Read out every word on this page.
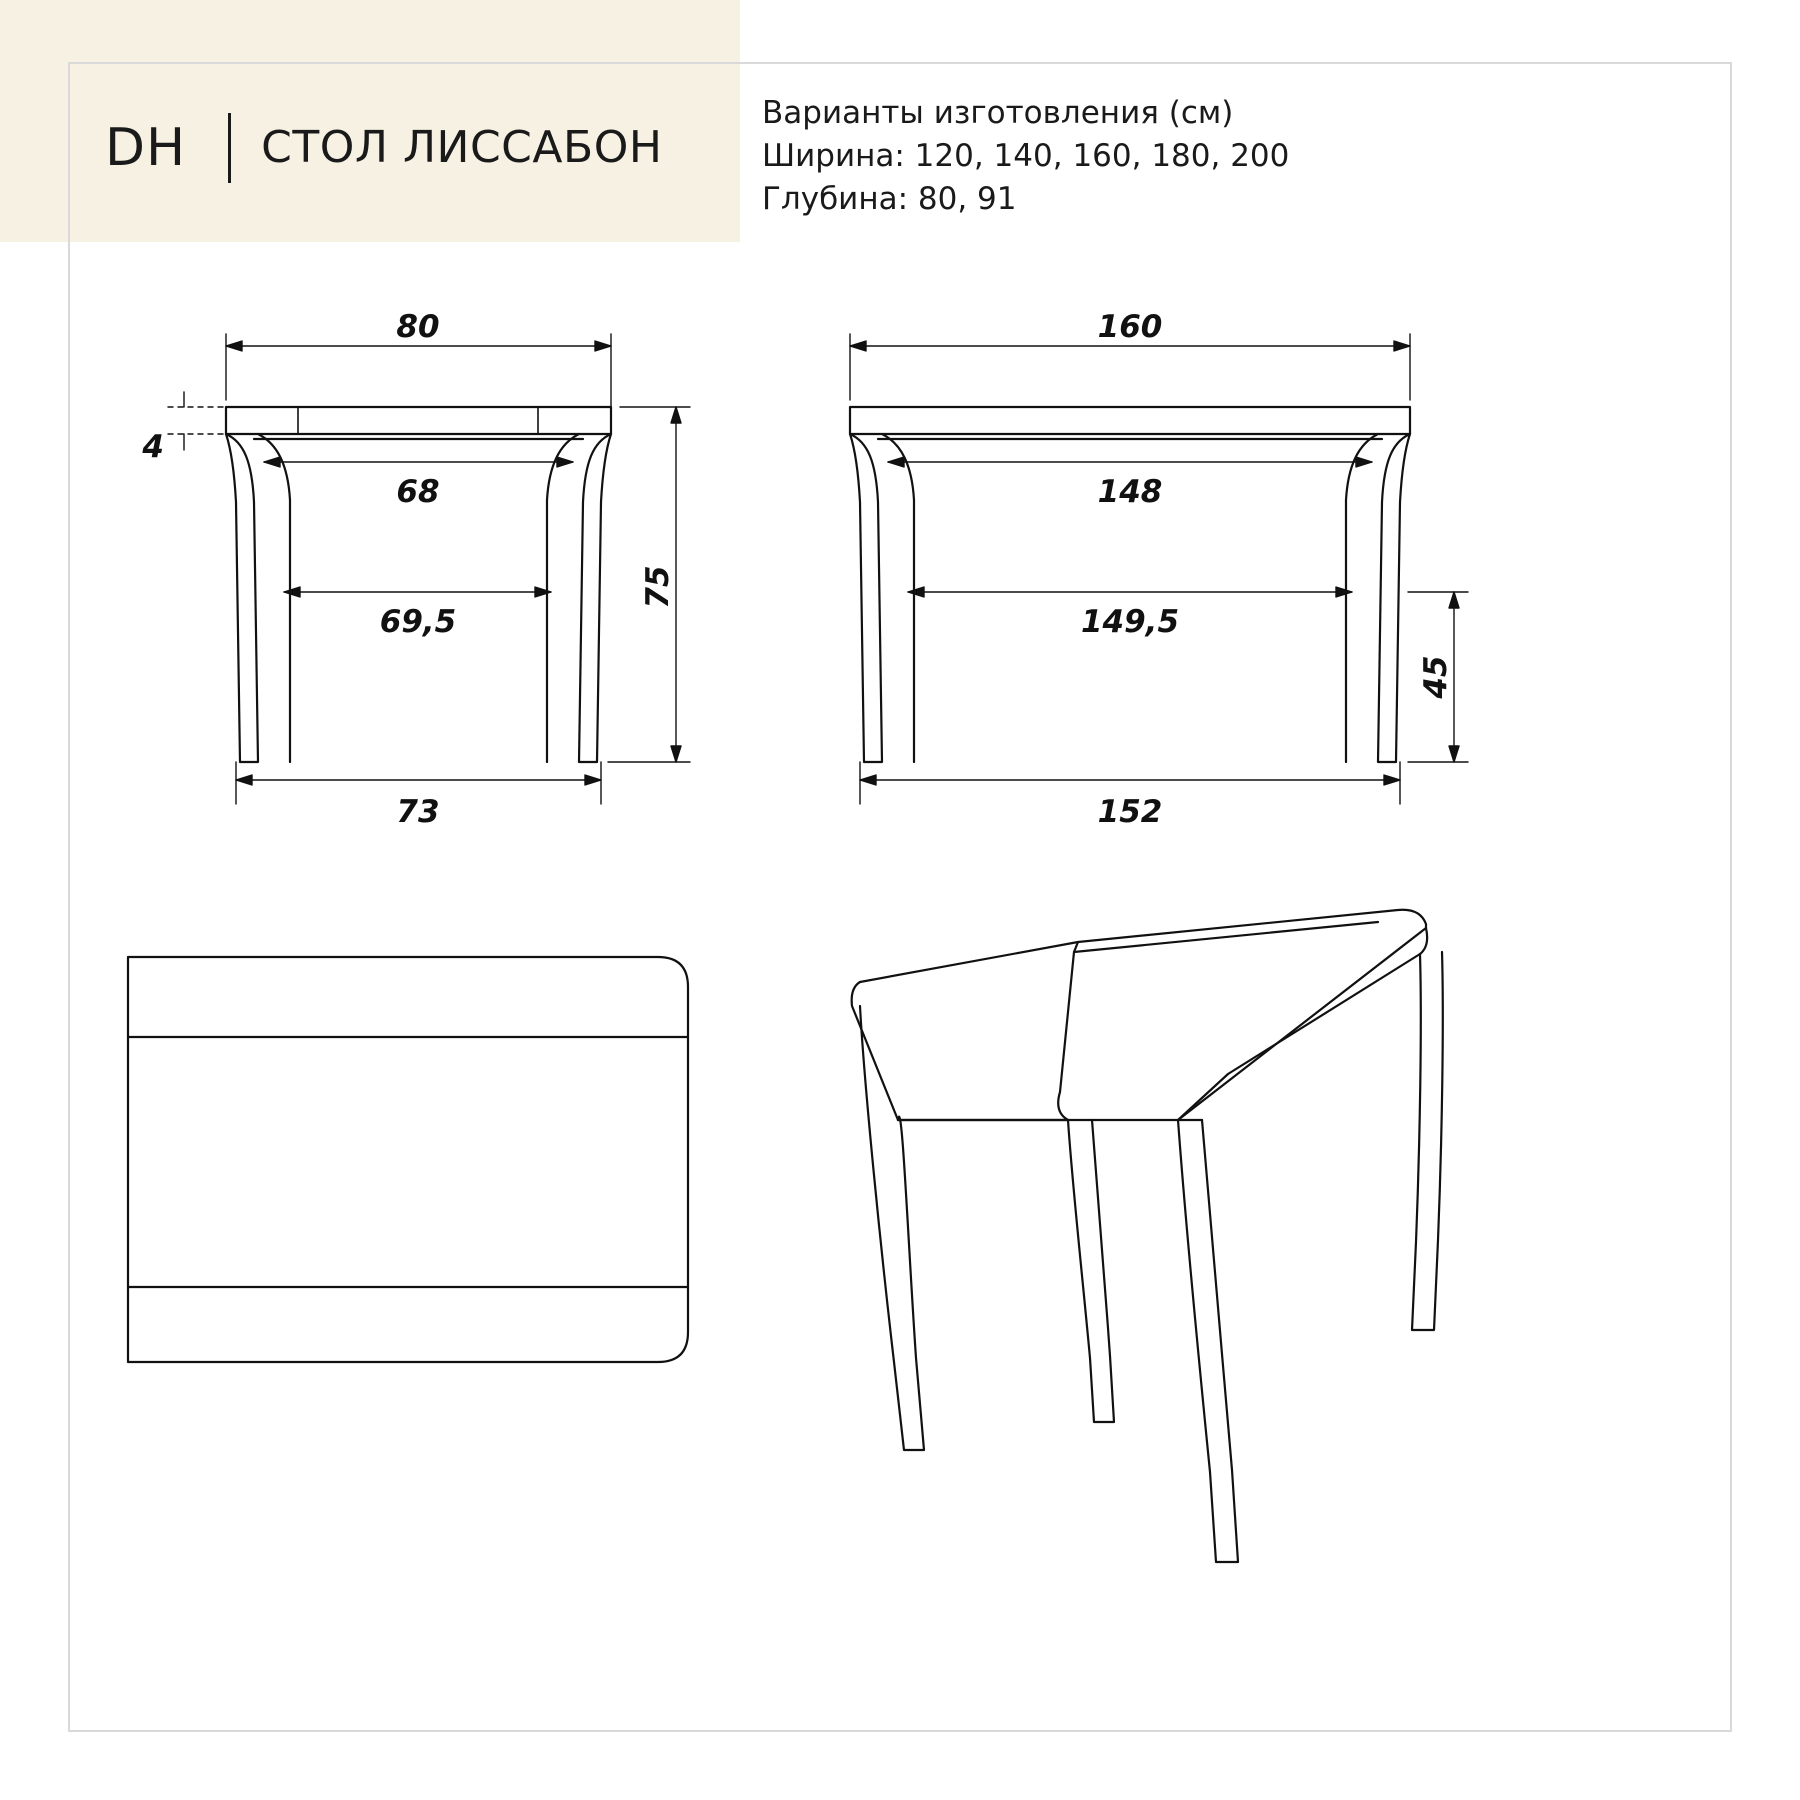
DH СТОЛ ЛИССАБОН
Варианты изготовления (см)
Ширина: 120, 140, 160, 180, 200
Глубина: 80, 91
80
4
68
69,5
73
75
160
148
149,5
152
45
